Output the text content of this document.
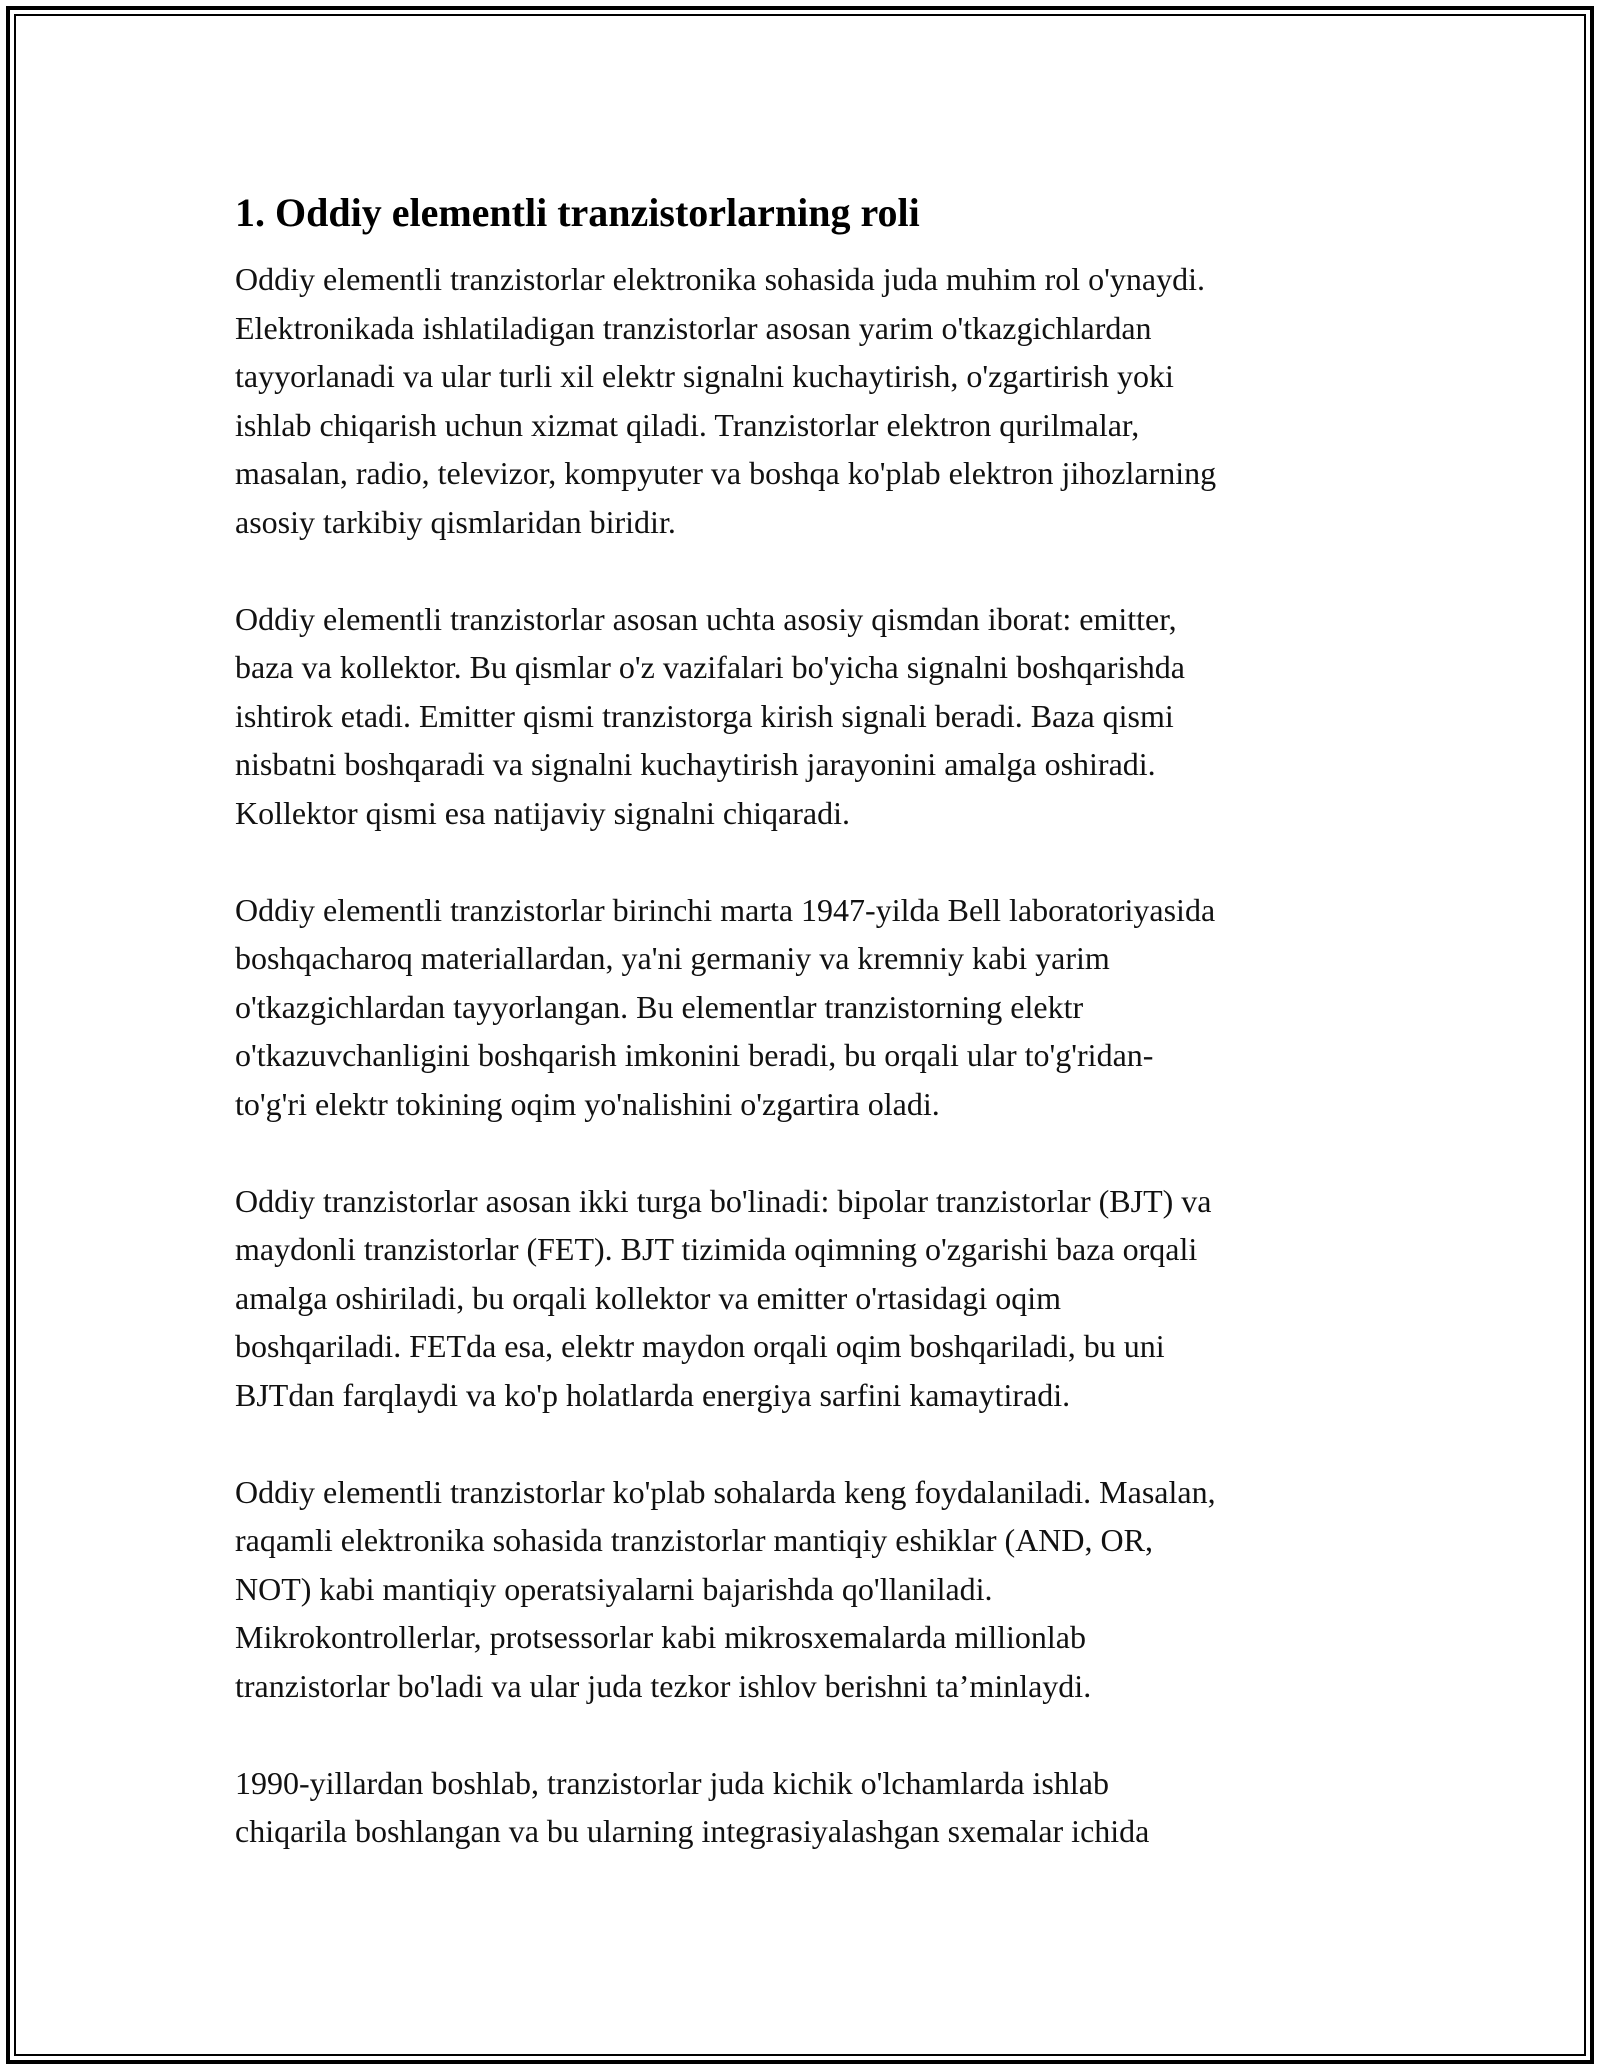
1. Oddiy elementli tranzistorlarning roli
Oddiy elementli tranzistorlar elektronika sohasida juda muhim rol o'ynaydi.
Elektronikada ishlatiladigan tranzistorlar asosan yarim o'tkazgichlardan
tayyorlanadi va ular turli xil elektr signalni kuchaytirish, o'zgartirish yoki
ishlab chiqarish uchun xizmat qiladi. Tranzistorlar elektron qurilmalar,
masalan, radio, televizor, kompyuter va boshqa ko'plab elektron jihozlarning
asosiy tarkibiy qismlaridan biridir.
Oddiy elementli tranzistorlar asosan uchta asosiy qismdan iborat: emitter,
baza va kollektor. Bu qismlar o'z vazifalari bo'yicha signalni boshqarishda
ishtirok etadi. Emitter qismi tranzistorga kirish signali beradi. Baza qismi
nisbatni boshqaradi va signalni kuchaytirish jarayonini amalga oshiradi.
Kollektor qismi esa natijaviy signalni chiqaradi.
Oddiy elementli tranzistorlar birinchi marta 1947-yilda Bell laboratoriyasida
boshqacharoq materiallardan, ya'ni germaniy va kremniy kabi yarim
o'tkazgichlardan tayyorlangan. Bu elementlar tranzistorning elektr
o'tkazuvchanligini boshqarish imkonini beradi, bu orqali ular to'g'ridan-
to'g'ri elektr tokining oqim yo'nalishini o'zgartira oladi.
Oddiy tranzistorlar asosan ikki turga bo'linadi: bipolar tranzistorlar (BJT) va
maydonli tranzistorlar (FET). BJT tizimida oqimning o'zgarishi baza orqali
amalga oshiriladi, bu orqali kollektor va emitter o'rtasidagi oqim
boshqariladi. FETda esa, elektr maydon orqali oqim boshqariladi, bu uni
BJTdan farqlaydi va ko'p holatlarda energiya sarfini kamaytiradi.
Oddiy elementli tranzistorlar ko'plab sohalarda keng foydalaniladi. Masalan,
raqamli elektronika sohasida tranzistorlar mantiqiy eshiklar (AND, OR,
NOT) kabi mantiqiy operatsiyalarni bajarishda qo'llaniladi.
Mikrokontrollerlar, protsessorlar kabi mikrosxemalarda millionlab
tranzistorlar bo'ladi va ular juda tezkor ishlov berishni ta’minlaydi.
1990-yillardan boshlab, tranzistorlar juda kichik o'lchamlarda ishlab
chiqarila boshlangan va bu ularning integrasiyalashgan sxemalar ichida
